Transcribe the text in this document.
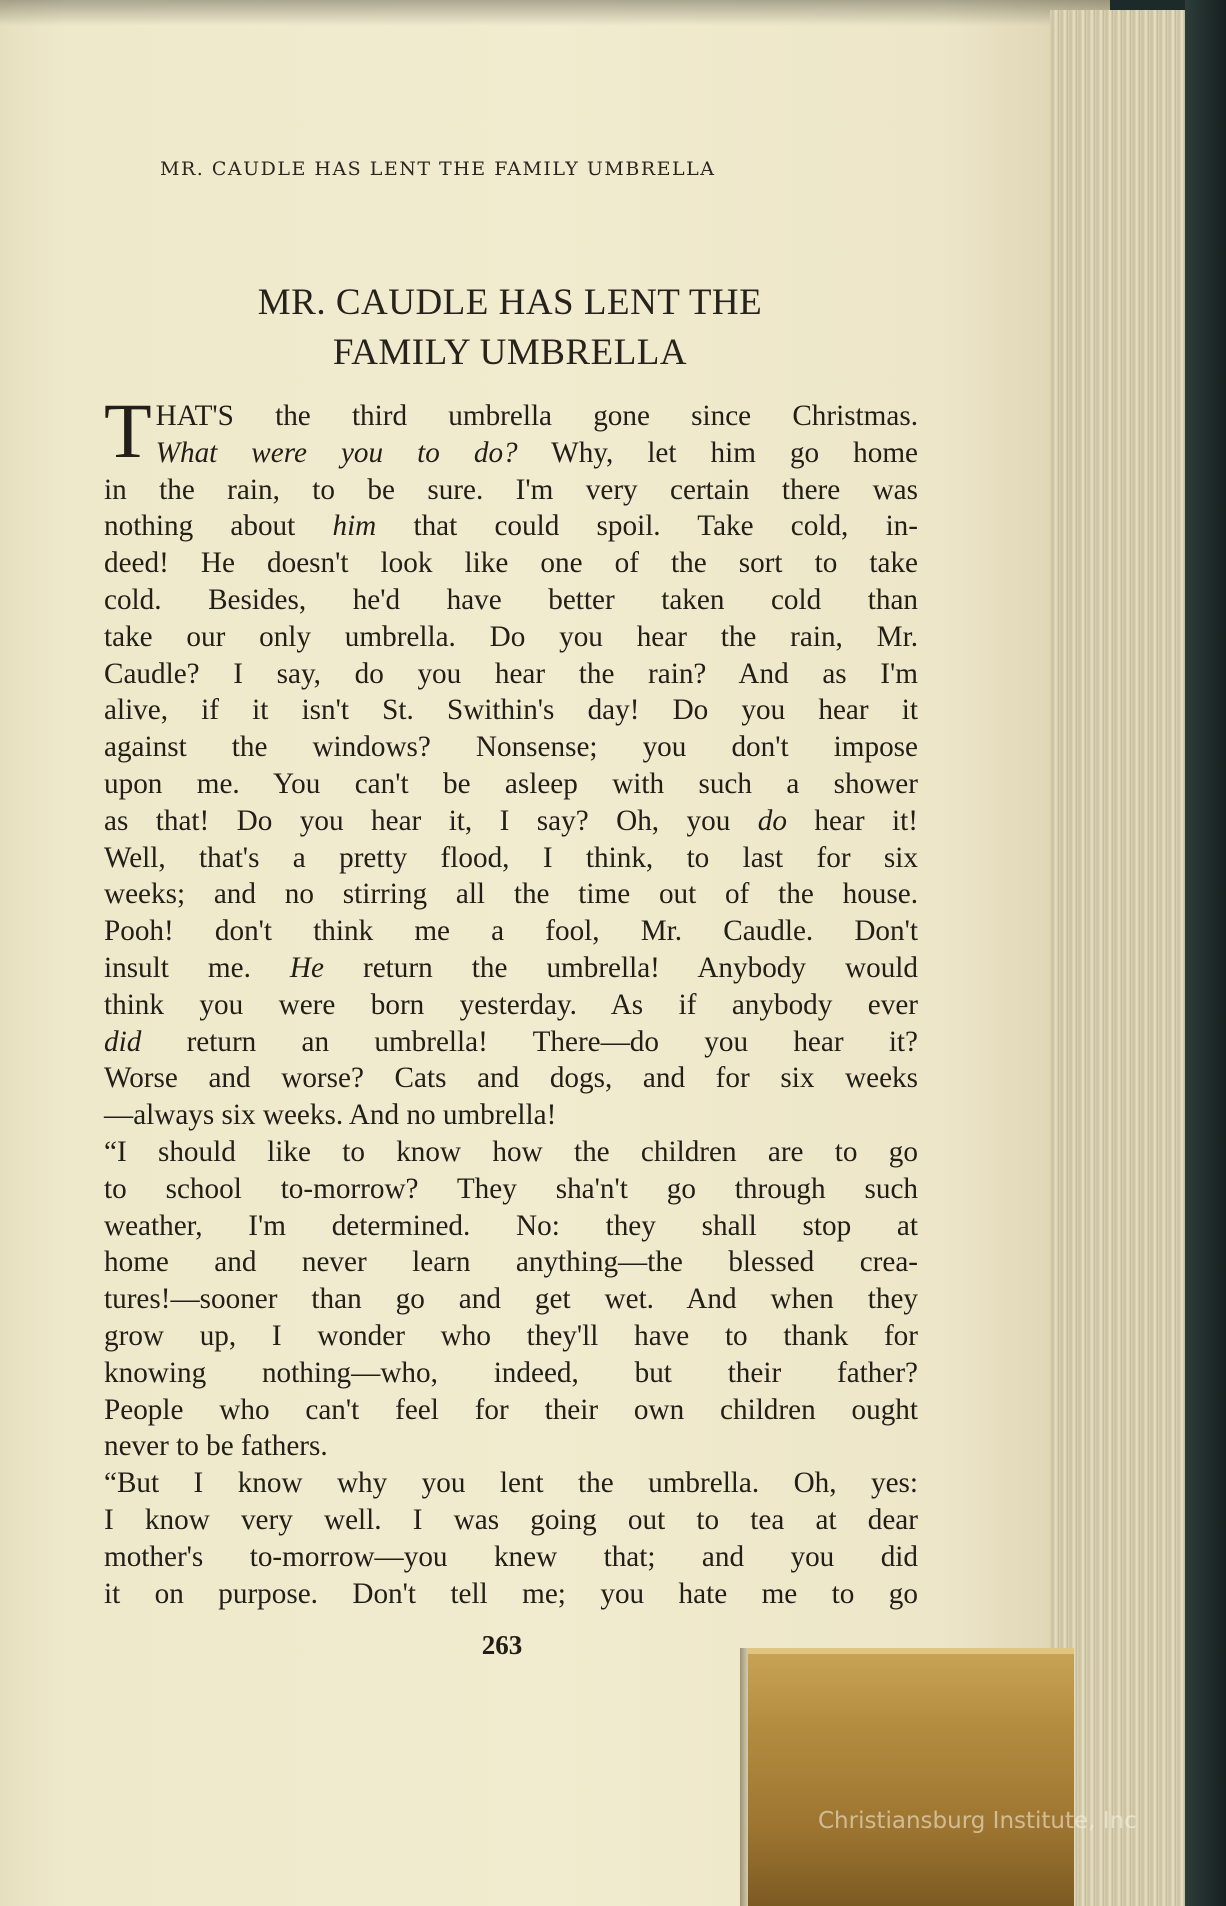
MR. CAUDLE HAS LENT THE FAMILY UMBRELLA
MR. CAUDLE HAS LENT THE
FAMILY UMBRELLA
T HAT'S the third umbrella gone since Christmas.
What were you to do? Why, let him go home
in the rain, to be sure. I'm very certain there was
nothing about him that could spoil. Take cold, in-
deed! He doesn't look like one of the sort to take
cold. Besides, he'd have better taken cold than
take our only umbrella. Do you hear the rain, Mr.
Caudle? I say, do you hear the rain? And as I'm
alive, if it isn't St. Swithin's day! Do you hear it
against the windows? Nonsense; you don't impose
upon me. You can't be asleep with such a shower
as that! Do you hear it, I say? Oh, you do hear it!
Well, that's a pretty flood, I think, to last for six
weeks; and no stirring all the time out of the house.
Pooh! don't think me a fool, Mr. Caudle. Don't
insult me. He return the umbrella! Anybody would
think you were born yesterday. As if anybody ever
did return an umbrella! There—do you hear it?
Worse and worse? Cats and dogs, and for six weeks
—always six weeks. And no umbrella!
“I should like to know how the children are to go
to school to-morrow? They sha'n't go through such
weather, I'm determined. No: they shall stop at
home and never learn anything—the blessed crea-
tures!—sooner than go and get wet. And when they
grow up, I wonder who they'll have to thank for
knowing nothing—who, indeed, but their father?
People who can't feel for their own children ought
never to be fathers.
“But I know why you lent the umbrella. Oh, yes:
I know very well. I was going out to tea at dear
mother's to-morrow—you knew that; and you did
it on purpose. Don't tell me; you hate me to go
263
Christiansburg Institute, Inc
